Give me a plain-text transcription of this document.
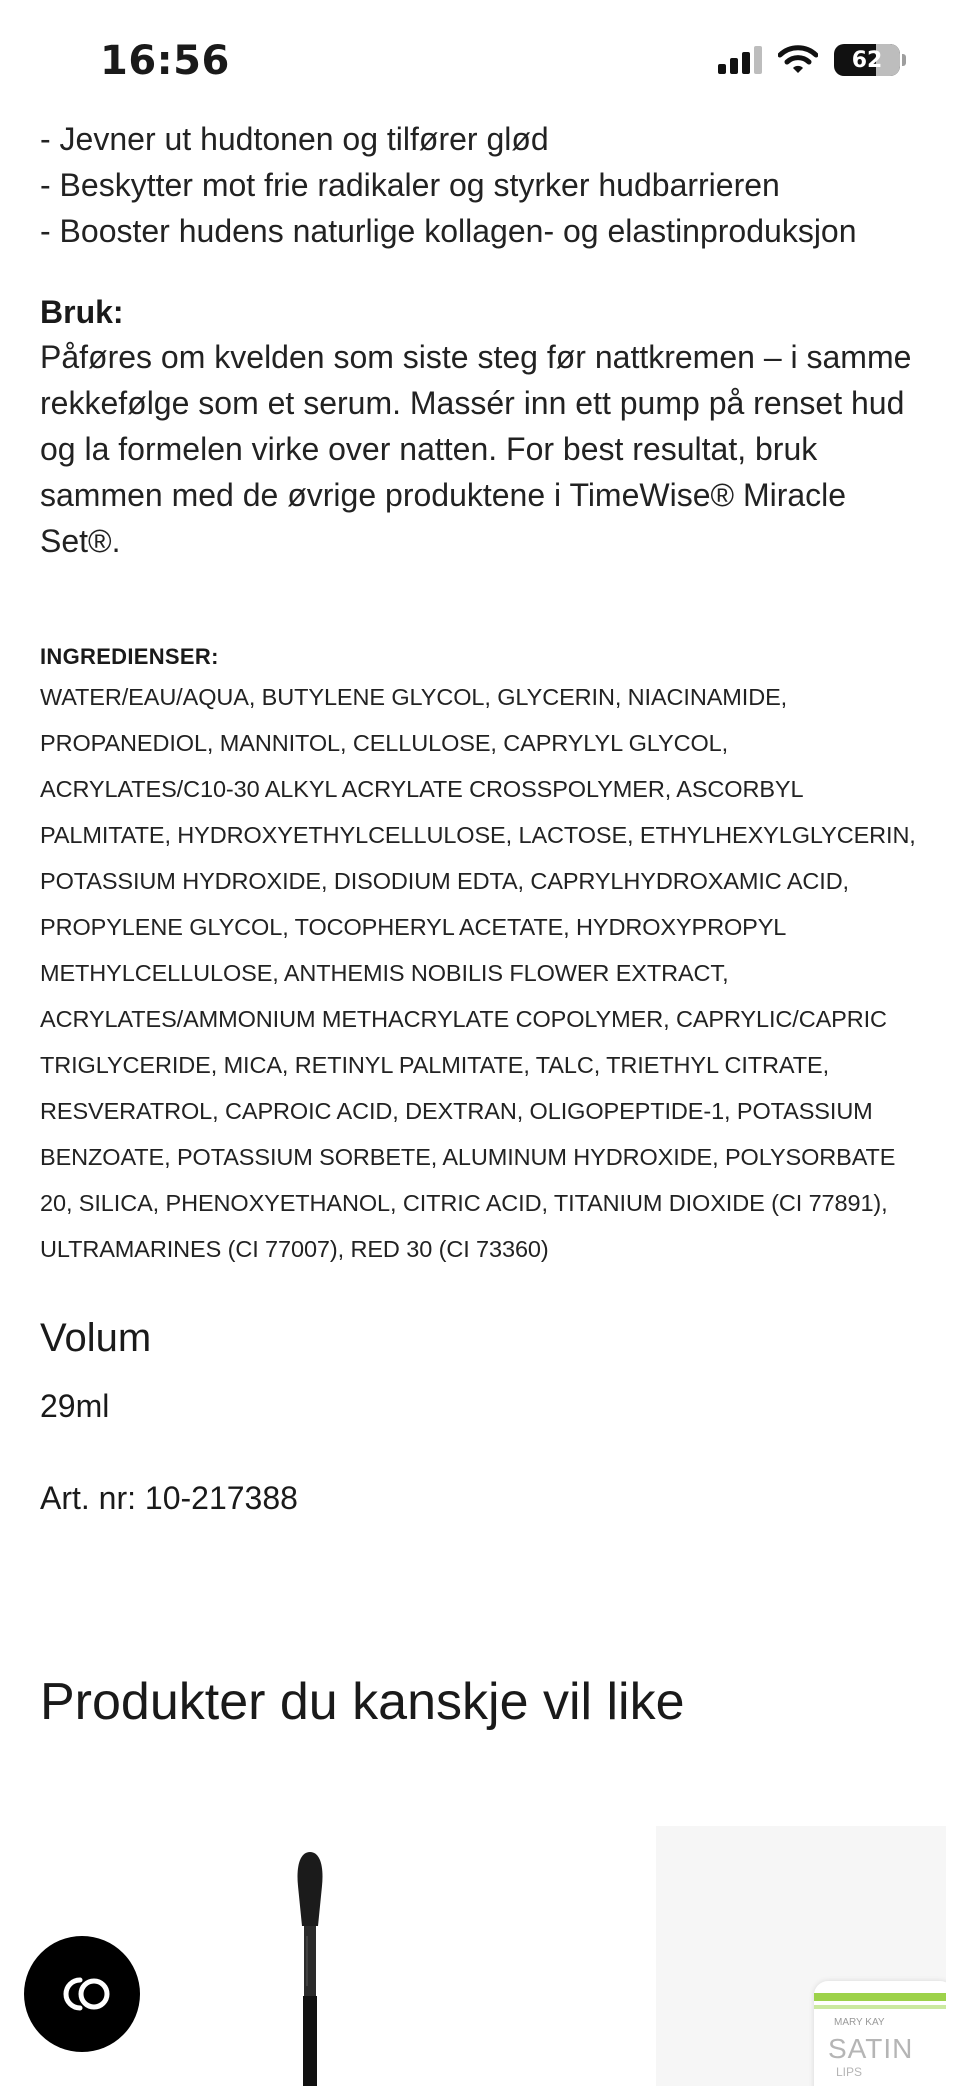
16:56	62

- Jevner ut hudtonen og tilfører glød
- Beskytter mot frie radikaler og styrker hudbarrieren
- Booster hudens naturlige kollagen- og elastinproduksjon
Bruk:
Påføres om kvelden som siste steg før nattkremen – i samme rekkefølge som et serum. Massér inn ett pump på renset hud og la formelen virke over natten. For best resultat, bruk sammen med de øvrige produktene i TimeWise® Miracle Set®.
INGREDIENSER:
WATER/EAU/AQUA, BUTYLENE GLYCOL, GLYCERIN, NIACINAMIDE, PROPANEDIOL, MANNITOL, CELLULOSE, CAPRYLYL GLYCOL, ACRYLATES/C10-30 ALKYL ACRYLATE CROSSPOLYMER, ASCORBYL PALMITATE, HYDROXYETHYLCELLULOSE, LACTOSE, ETHYLHEXYLGLYCERIN, POTASSIUM HYDROXIDE, DISODIUM EDTA, CAPRYLHYDROXAMIC ACID, PROPYLENE GLYCOL, TOCOPHERYL ACETATE, HYDROXYPROPYL METHYLCELLULOSE, ANTHEMIS NOBILIS FLOWER EXTRACT, ACRYLATES/AMMONIUM METHACRYLATE COPOLYMER, CAPRYLIC/CAPRIC TRIGLYCERIDE, MICA, RETINYL PALMITATE, TALC, TRIETHYL CITRATE, RESVERATROL, CAPROIC ACID, DEXTRAN, OLIGOPEPTIDE-1, POTASSIUM BENZOATE, POTASSIUM SORBETE, ALUMINUM HYDROXIDE, POLYSORBATE 20, SILICA, PHENOXYETHANOL, CITRIC ACID, TITANIUM DIOXIDE (CI 77891), ULTRAMARINES (CI 77007), RED 30 (CI 73360)
Volum
29ml
Art. nr: 10-217388
Produkter du kanskje vil like
MARY KAY
SATIN
LIPS
